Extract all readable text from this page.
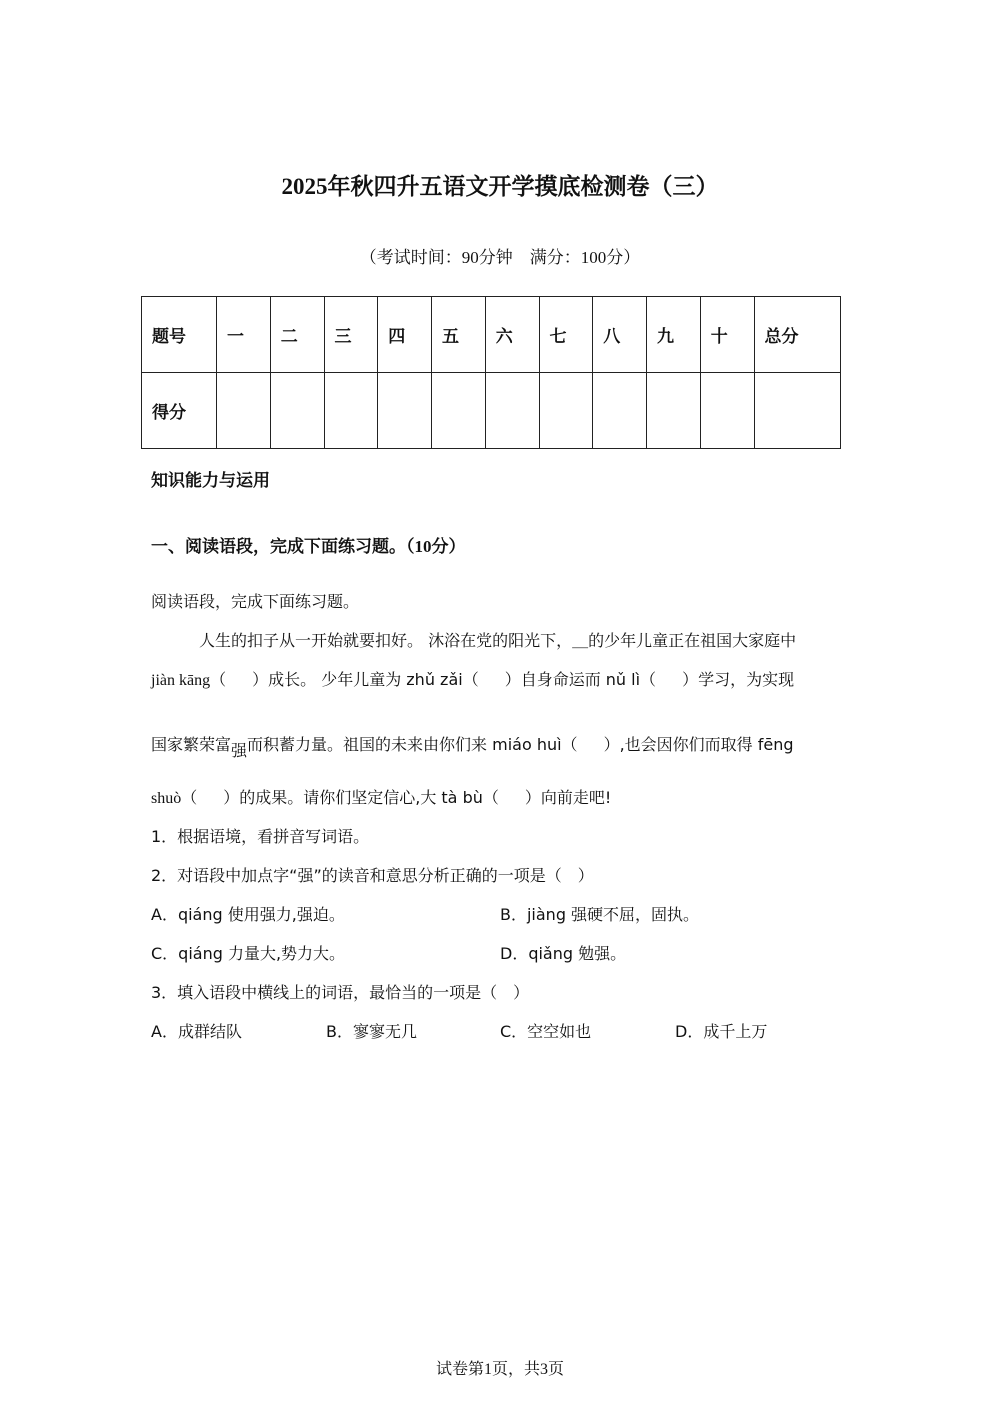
2025年秋四升五语文开学摸底检测卷（三）
（考试时间：90分钟　满分：100分）
题号	一	二	三	四	五	六	七	八	九	十	总分
得分											
知识能力与运用
一、阅读语段，完成下面练习题。（10分）
阅读语段，完成下面练习题。
人生的扣子从一开始就要扣好。 沐浴在党的阳光下，＿的少年儿童正在祖国大家庭中
jiàn kāng（ ）成长。 少年儿童为 zhǔ zǎi（ ）自身命运而 nǔ lì（ ）学习，为实现
国家繁荣富强而积蓄力量。祖国的未来由你们来 miáo huì（ ）,也会因你们而取得 fēng
shuò（ ）的成果。请你们坚定信心,大 tà bù（ ）向前走吧!
1．根据语境，看拼音写词语。
2．对语段中加点字“强”的读音和意思分析正确的一项是（　）
A．qiáng 使用强力,强迫。	B．jiàng 强硬不屈，固执。
C．qiáng 力量大,势力大。	D．qiǎng 勉强。
3．填入语段中横线上的词语，最恰当的一项是（　）
A．成群结队	B．寥寥无几	C．空空如也	D．成千上万
试卷第1页，共3页
